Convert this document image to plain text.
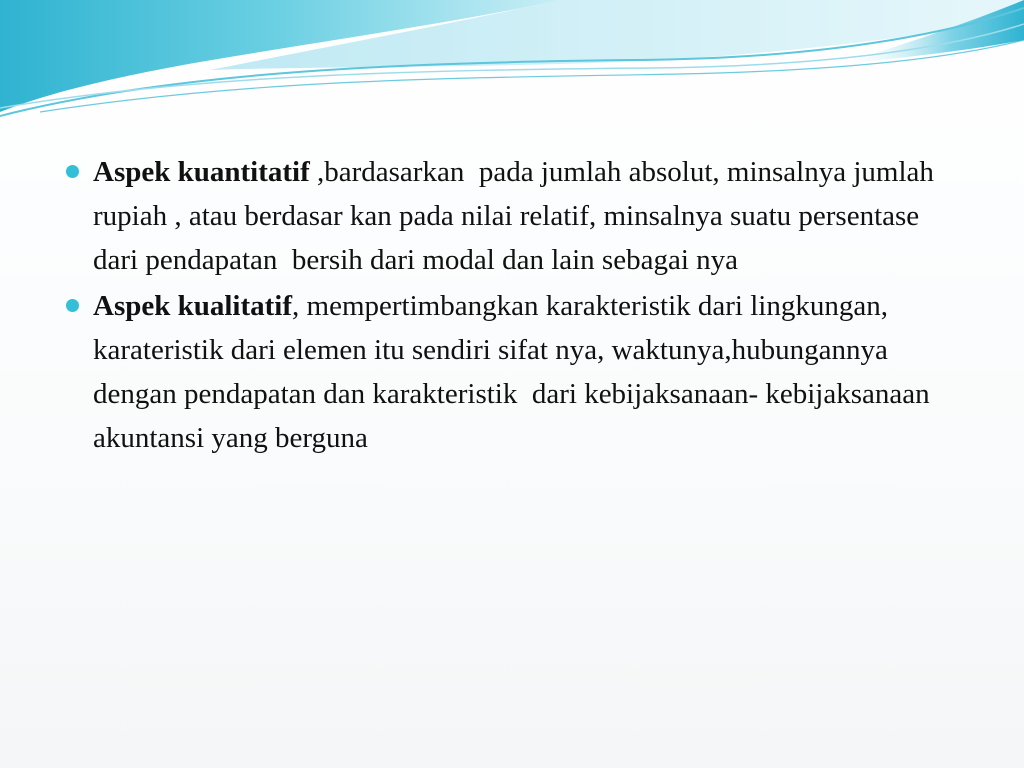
Aspek kuantitatif ,bardasarkan  pada jumlah absolut, minsalnya jumlah rupiah , atau berdasar kan pada nilai relatif, minsalnya suatu persentase dari pendapatan  bersih dari modal dan lain sebagai nya
Aspek kualitatif, mempertimbangkan karakteristik dari lingkungan, karateristik dari elemen itu sendiri sifat nya, waktunya,hubungannya dengan pendapatan dan karakteristik  dari kebijaksanaan- kebijaksanaan akuntansi yang berguna
